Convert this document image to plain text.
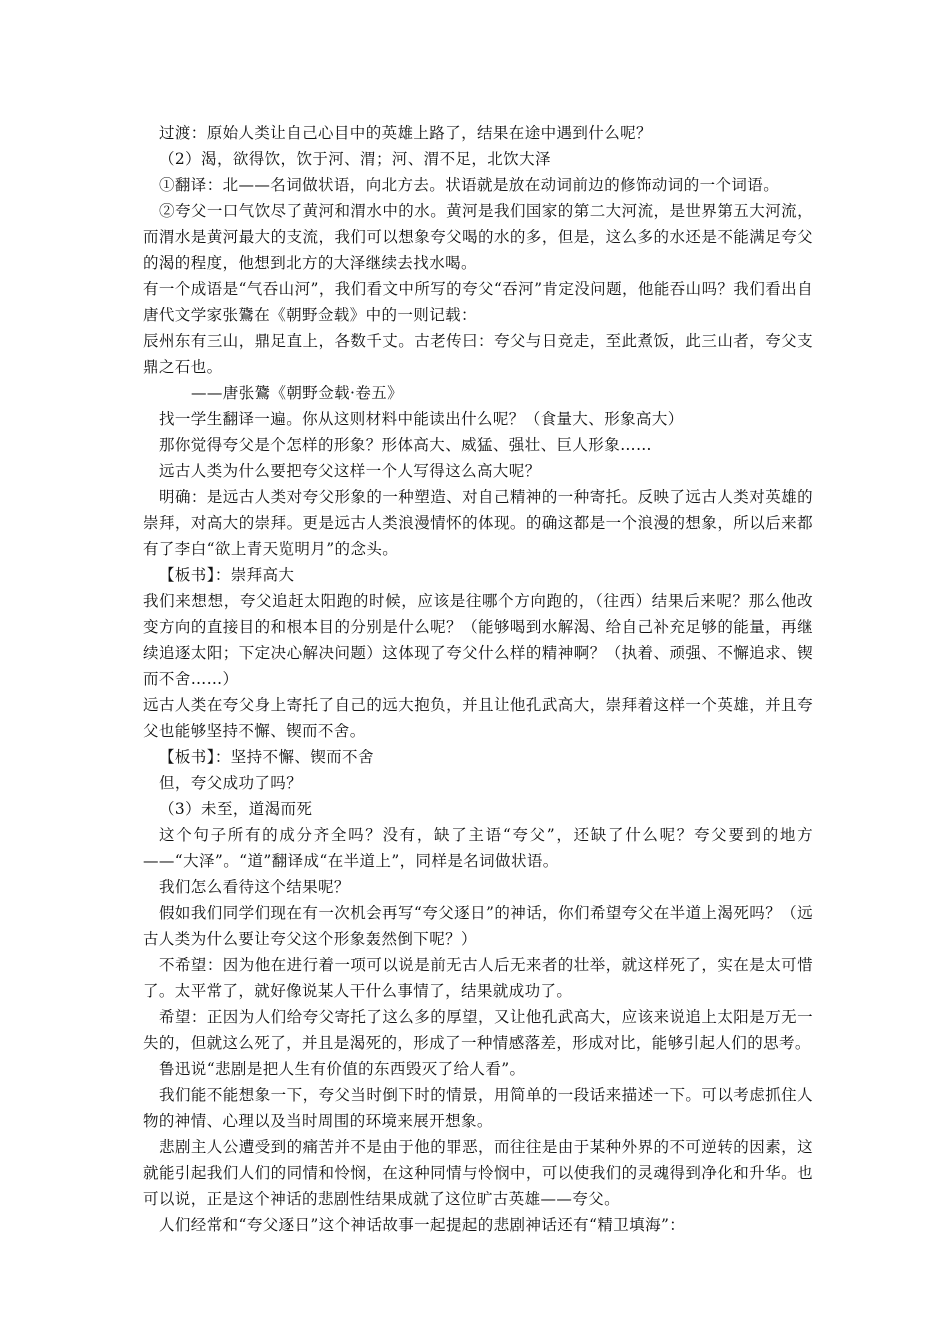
过渡：原始人类让自己心目中的英雄上路了，结果在途中遇到什么呢？

（2）渴，欲得饮，饮于河、渭；河、渭不足，北饮大泽

①翻译：北——名词做状语，向北方去。状语就是放在动词前边的修饰动词的一个词语。

②夸父一口气饮尽了黄河和渭水中的水。黄河是我们国家的第二大河流，是世界第五大河流，而渭水是黄河最大的支流，我们可以想象夸父喝的水的多，但是，这么多的水还是不能满足夸父的渴的程度，他想到北方的大泽继续去找水喝。

有一个成语是“气吞山河”，我们看文中所写的夸父“吞河”肯定没问题，他能吞山吗？我们看出自唐代文学家张鷟在《朝野佥载》中的一则记载：

辰州东有三山，鼎足直上，各数千丈。古老传曰：夸父与日竞走，至此煮饭，此三山者，夸父支鼎之石也。

——唐张鷟《朝野佥载·卷五》

找一学生翻译一遍。你从这则材料中能读出什么呢？（食量大、形象高大）

那你觉得夸父是个怎样的形象？形体高大、威猛、强壮、巨人形象……

远古人类为什么要把夸父这样一个人写得这么高大呢？

明确：是远古人类对夸父形象的一种塑造、对自己精神的一种寄托。反映了远古人类对英雄的崇拜，对高大的崇拜。更是远古人类浪漫情怀的体现。的确这都是一个浪漫的想象，所以后来都有了李白“欲上青天览明月”的念头。

【板书】：崇拜高大

我们来想想，夸父追赶太阳跑的时候，应该是往哪个方向跑的，（往西）结果后来呢？那么他改变方向的直接目的和根本目的分别是什么呢？（能够喝到水解渴、给自己补充足够的能量，再继续追逐太阳；下定决心解决问题）这体现了夸父什么样的精神啊？（执着、顽强、不懈追求、锲而不舍……）

远古人类在夸父身上寄托了自己的远大抱负，并且让他孔武高大，崇拜着这样一个英雄，并且夸父也能够坚持不懈、锲而不舍。

【板书】：坚持不懈、锲而不舍

但，夸父成功了吗？

（3）未至，道渴而死

这个句子所有的成分齐全吗？没有，缺了主语“夸父”，还缺了什么呢？夸父要到的地方——“大泽”。“道”翻译成“在半道上”，同样是名词做状语。

我们怎么看待这个结果呢？

假如我们同学们现在有一次机会再写“夸父逐日”的神话，你们希望夸父在半道上渴死吗？（远古人类为什么要让夸父这个形象轰然倒下呢？）

不希望：因为他在进行着一项可以说是前无古人后无来者的壮举，就这样死了，实在是太可惜了。太平常了，就好像说某人干什么事情了，结果就成功了。

希望：正因为人们给夸父寄托了这么多的厚望，又让他孔武高大，应该来说追上太阳是万无一失的，但就这么死了，并且是渴死的，形成了一种情感落差，形成对比，能够引起人们的思考。

鲁迅说“悲剧是把人生有价值的东西毁灭了给人看”。

我们能不能想象一下，夸父当时倒下时的情景，用简单的一段话来描述一下。可以考虑抓住人物的神情、心理以及当时周围的环境来展开想象。

悲剧主人公遭受到的痛苦并不是由于他的罪恶，而往往是由于某种外界的不可逆转的因素，这就能引起我们人们的同情和怜悯，在这种同情与怜悯中，可以使我们的灵魂得到净化和升华。也可以说，正是这个神话的悲剧性结果成就了这位旷古英雄——夸父。

人们经常和“夸父逐日”这个神话故事一起提起的悲剧神话还有“精卫填海”：
